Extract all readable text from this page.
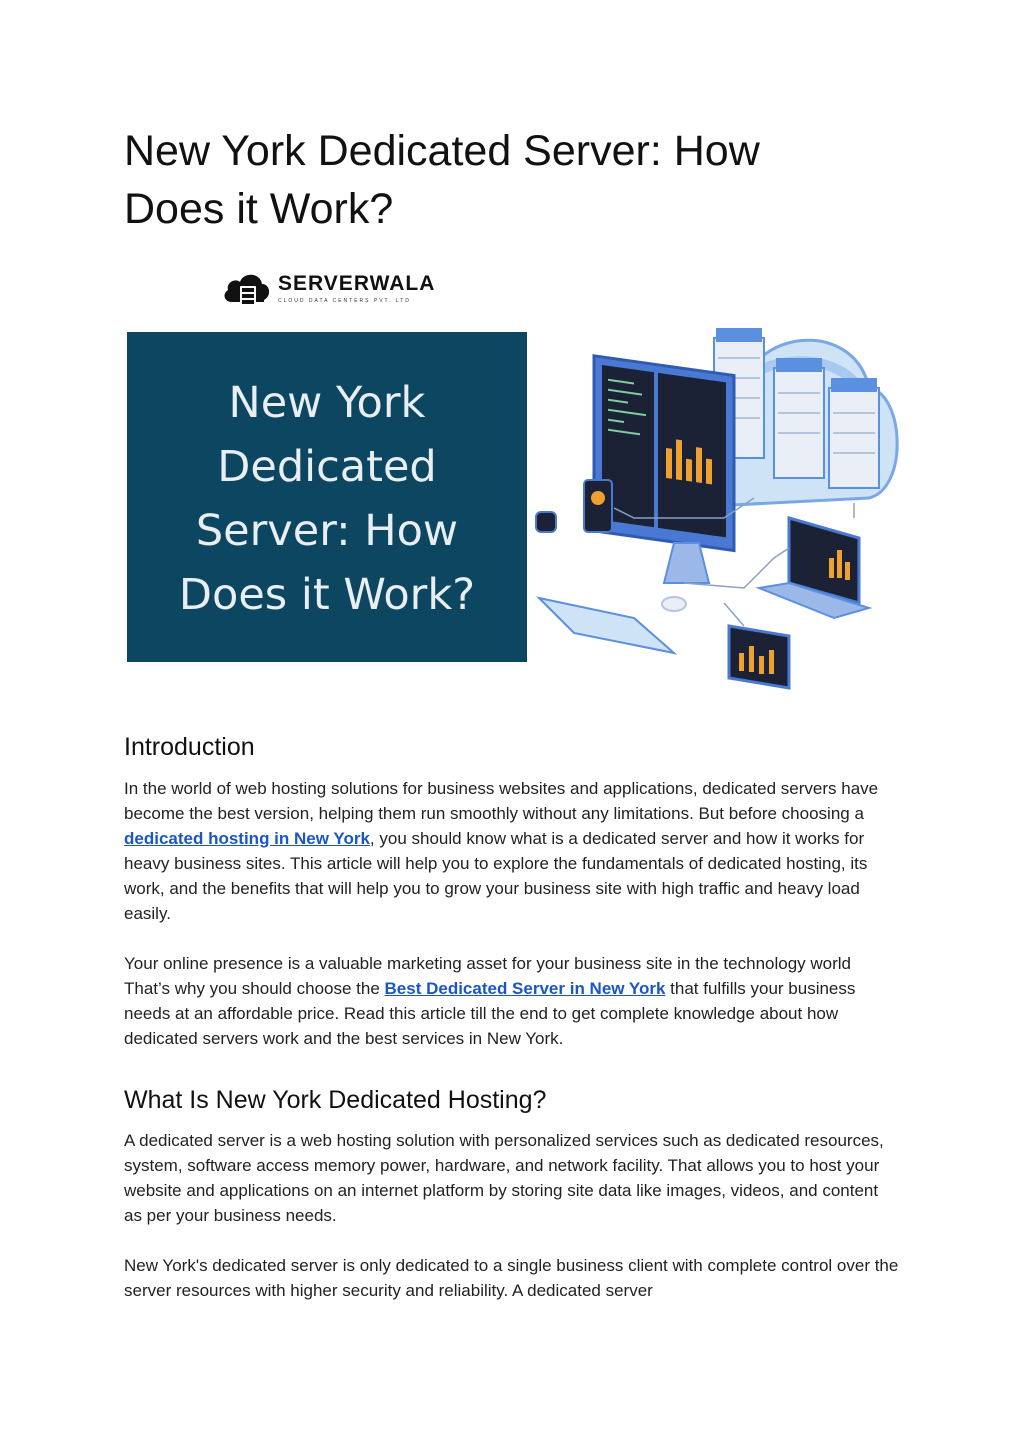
New York Dedicated Server: How Does it Work?
SERVERWALA
CLOUD DATA CENTERS PVT. LTD
New York Dedicated Server: How Does it Work?
Introduction

In the world of web hosting solutions for business websites and applications, dedicated servers have become the best version, helping them run smoothly without any limitations. But before choosing a dedicated hosting in New York, you should know what is a dedicated server and how it works for heavy business sites. This article will help you to explore the fundamentals of dedicated hosting, its work, and the benefits that will help you to grow your business site with high traffic and heavy load easily.

Your online presence is a valuable marketing asset for your business site in the technology world That’s why you should choose the Best Dedicated Server in New York that fulfills your business needs at an affordable price. Read this article till the end to get complete knowledge about how dedicated servers work and the best services in New York.

What Is New York Dedicated Hosting?

A dedicated server is a web hosting solution with personalized services such as dedicated resources, system, software access memory power, hardware, and network facility. That allows you to host your website and applications on an internet platform by storing site data like images, videos, and content as per your business needs.

New York's dedicated server is only dedicated to a single business client with complete control over the server resources with higher security and reliability. A dedicated server
